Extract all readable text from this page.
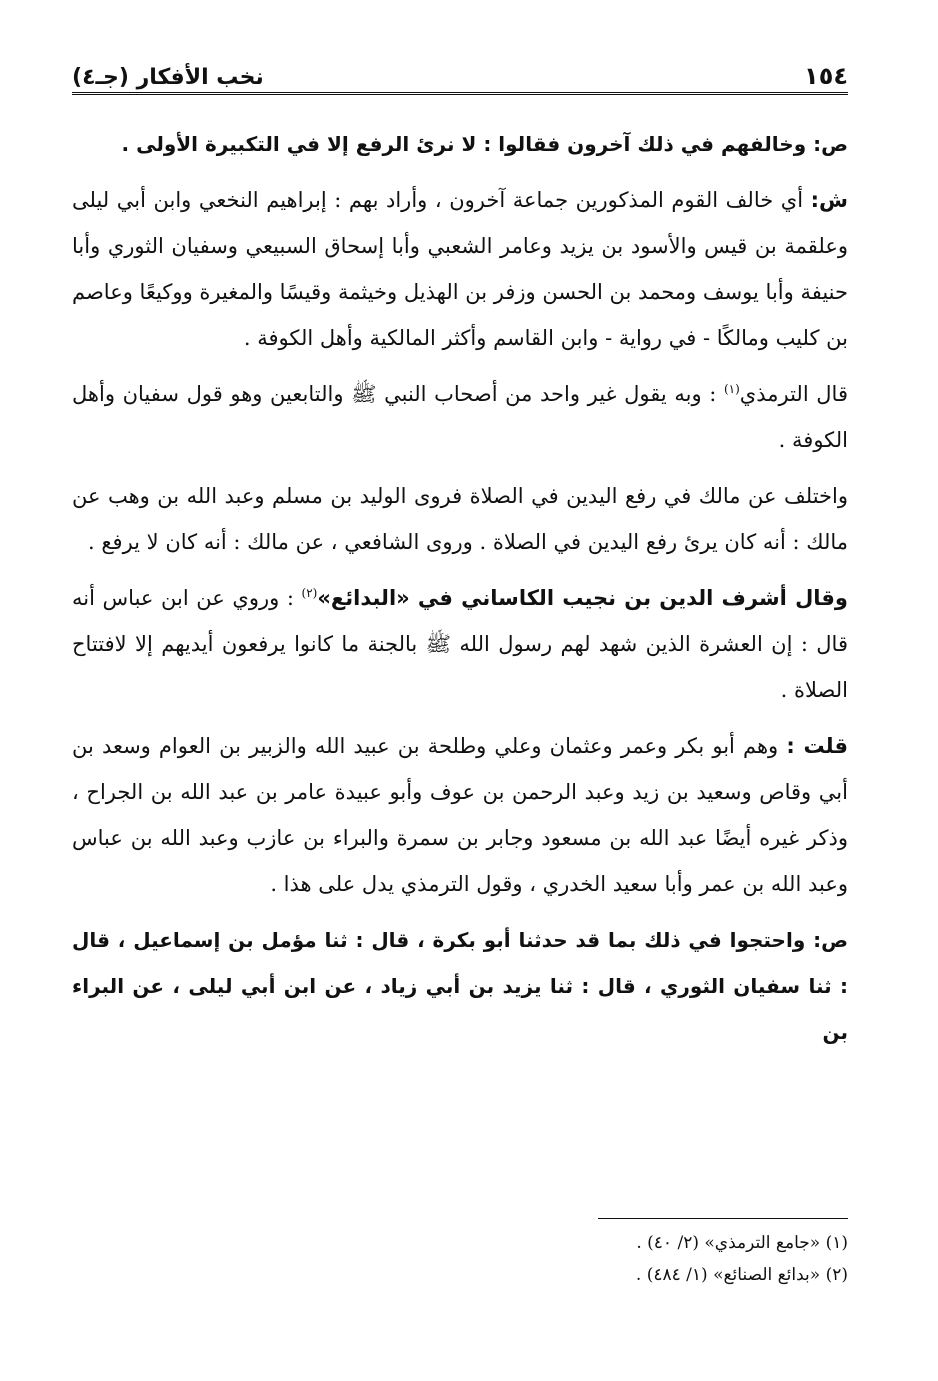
١٥٤
نخب الأفكار (جـ٤)

ص: وخالفهم في ذلك آخرون فقالوا : لا نرئ الرفع إلا في التكبيرة الأولى .

ش: أي خالف القوم المذكورين جماعة آخرون ، وأراد بهم : إبراهيم النخعي وابن أبي ليلى وعلقمة بن قيس والأسود بن يزيد وعامر الشعبي وأبا إسحاق السبيعي وسفيان الثوري وأبا حنيفة وأبا يوسف ومحمد بن الحسن وزفر بن الهذيل وخيثمة وقيسًا والمغيرة ووكيعًا وعاصم بن كليب ومالكًا - في رواية - وابن القاسم وأكثر المالكية وأهل الكوفة .

قال الترمذي$^{(١)}$ : وبه يقول غير واحد من أصحاب النبي ﷺ والتابعين وهو قول سفيان وأهل الكوفة .

واختلف عن مالك في رفع اليدين في الصلاة فروى الوليد بن مسلم وعبد الله بن وهب عن مالك : أنه كان يرئ رفع اليدين في الصلاة . وروى الشافعي ، عن مالك : أنه كان لا يرفع .

وقال أشرف الدين بن نجيب الكاساني في «البدائع»$^{(٢)}$ : وروي عن ابن عباس أنه قال : إن العشرة الذين شهد لهم رسول الله ﷺ بالجنة ما كانوا يرفعون أيديهم إلا لافتتاح الصلاة .

قلت : وهم أبو بكر وعمر وعثمان وعلي وطلحة بن عبيد الله والزبير بن العوام وسعد بن أبي وقاص وسعيد بن زيد وعبد الرحمن بن عوف وأبو عبيدة عامر بن عبد الله بن الجراح ، وذكر غيره أيضًا عبد الله بن مسعود وجابر بن سمرة والبراء بن عازب وعبد الله بن عباس وعبد الله بن عمر وأبا سعيد الخدري ، وقول الترمذي يدل على هذا .

ص: واحتجوا في ذلك بما قد حدثنا أبو بكرة ، قال : ثنا مؤمل بن إسماعيل ، قال : ثنا سفيان الثوري ، قال : ثنا يزيد بن أبي زياد ، عن ابن أبي ليلى ، عن البراء بن

(١) «جامع الترمذي» (٢/ ٤٠) .

(٢) «بدائع الصنائع» (١/ ٤٨٤) .
